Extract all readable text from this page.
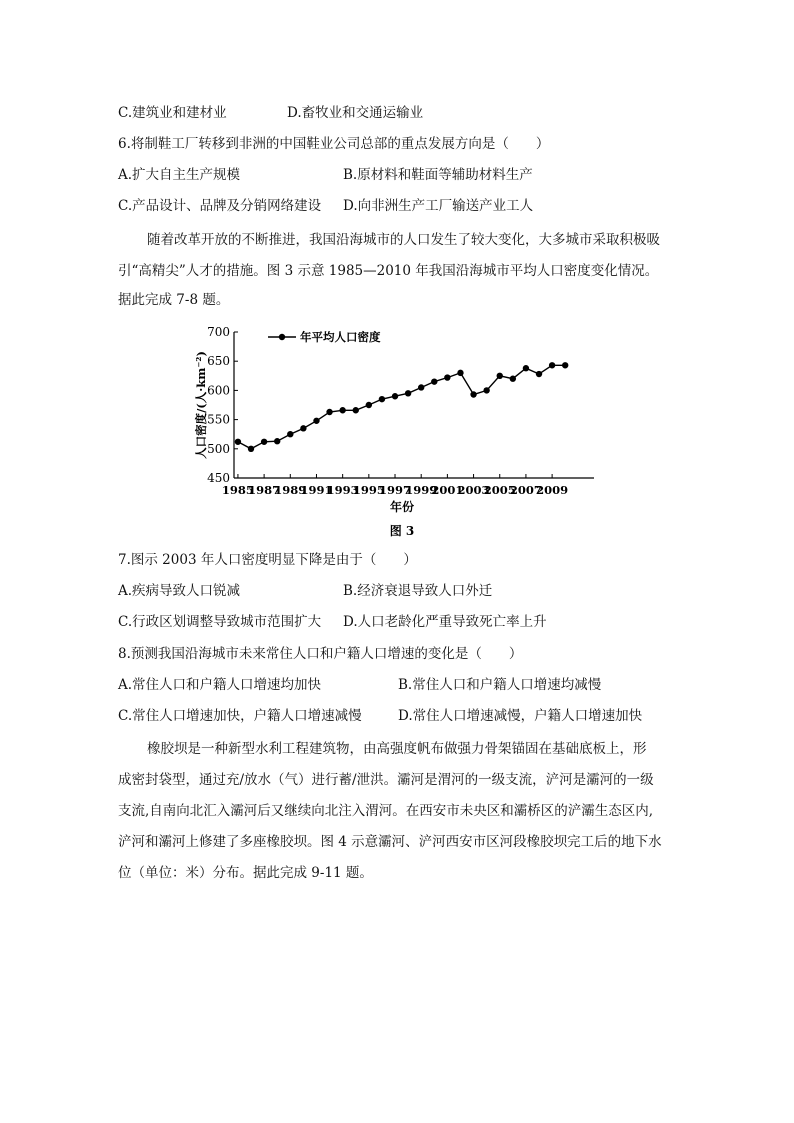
C.建筑业和建材业	D.畜牧业和交通运输业
6.将制鞋工厂转移到非洲的中国鞋业公司总部的重点发展方向是（　　）
A.扩大自主生产规模	B.原材料和鞋面等辅助材料生产
C.产品设计、品牌及分销网络建设 D.向非洲生产工厂输送产业工人
随着改革开放的不断推进，我国沿海城市的人口发生了较大变化，大多城市采取积极吸
引“高精尖”人才的措施。图 3 示意 1985—2010 年我国沿海城市平均人口密度变化情况。
据此完成 7-8 题。
450
500
550
600
650
700
1985
1987
1989
1991
1993
1995
1997
1999
2001
2003
2005
2007
2009
年平均人口密度
人口密度/(人·km⁻²)
年份
图 3
7.图示 2003 年人口密度明显下降是由于（　　）
A.疾病导致人口锐减	B.经济衰退导致人口外迁
C.行政区划调整导致城市范围扩大 D.人口老龄化严重导致死亡率上升
8.预测我国沿海城市未来常住人口和户籍人口增速的变化是（　　）
A.常住人口和户籍人口增速均加快	B.常住人口和户籍人口增速均减慢
C.常住人口增速加快，户籍人口增速减慢	D.常住人口增速减慢，户籍人口增速加快
橡胶坝是一种新型水利工程建筑物，由高强度帆布做强力骨架锚固在基础底板上，形
成密封袋型，通过充/放水（气）进行蓄/泄洪。灞河是渭河的一级支流，浐河是灞河的一级
支流,自南向北汇入灞河后又继续向北注入渭河。在西安市未央区和灞桥区的浐灞生态区内,
浐河和灞河上修建了多座橡胶坝。图 4 示意灞河、浐河西安市区河段橡胶坝完工后的地下水
位（单位：米）分布。据此完成 9-11 题。
